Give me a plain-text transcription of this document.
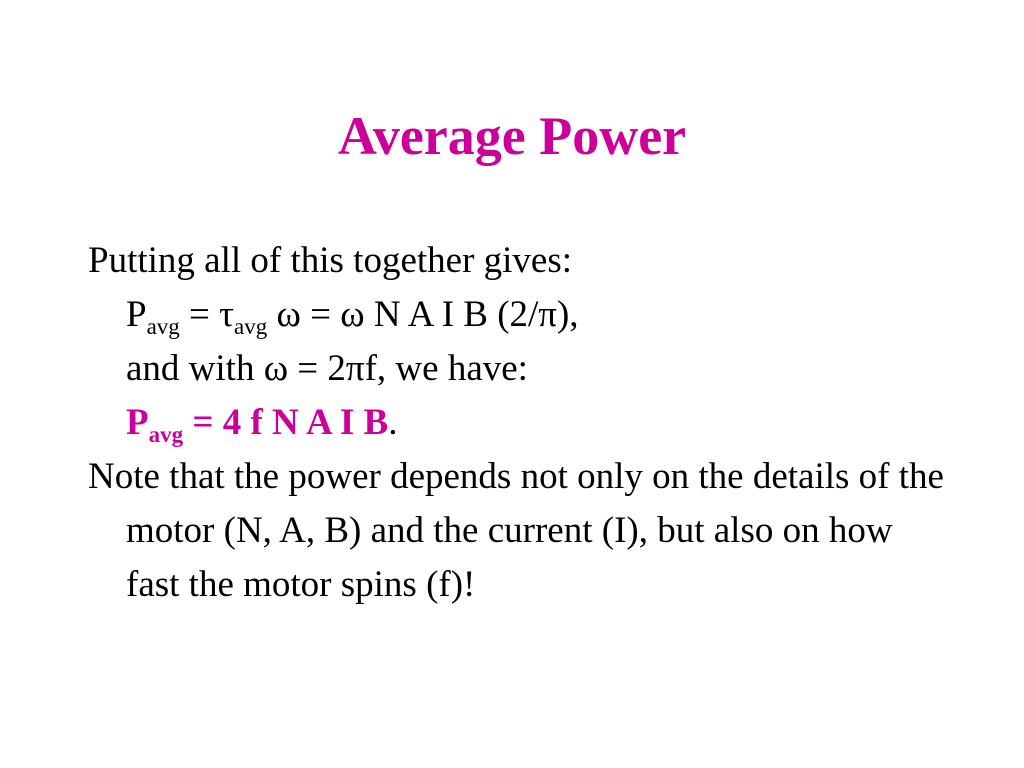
Average Power
Putting all of this together gives:
$P_{avg} = \tau_{avg}$ ω = ω N A I B (2/π),
and with ω = 2πf, we have:
$P_{avg} = 4$ f N A I B.
Note that the power depends not only on the details of the motor (N, A, B) and the current (I), but also on how fast the motor spins (f)!
